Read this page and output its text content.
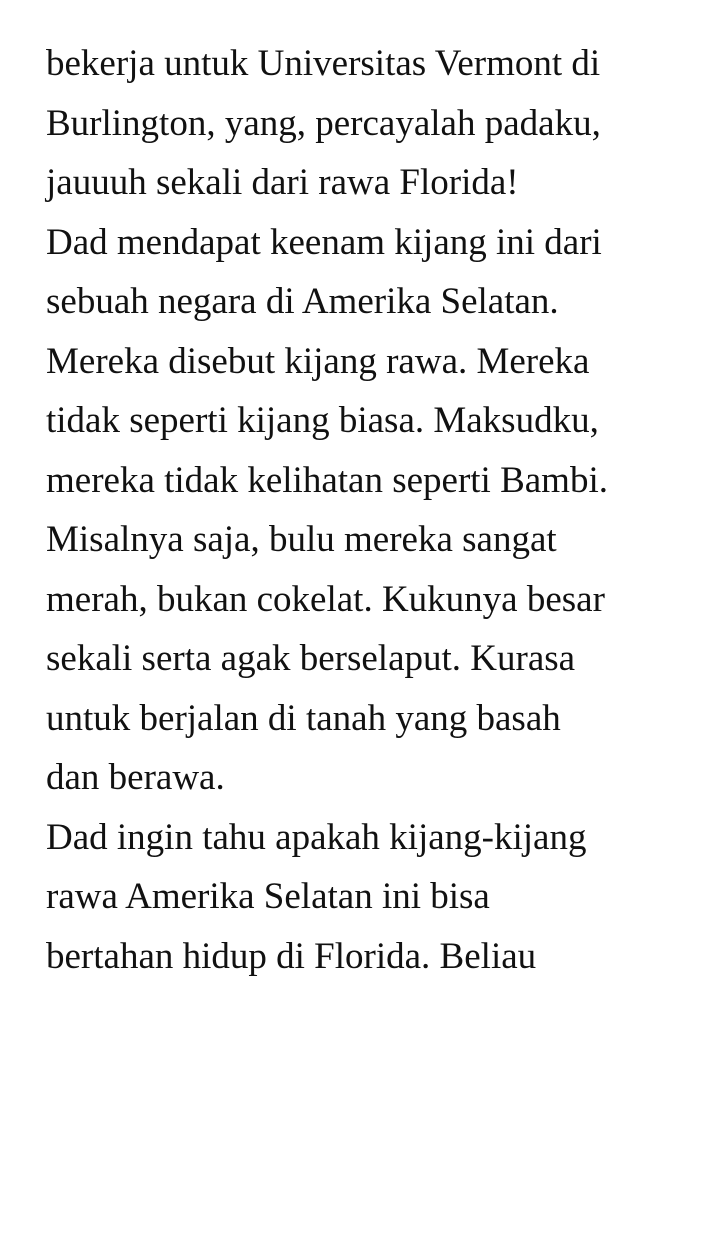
bekerja untuk Universitas Vermont di
Burlington, yang, percayalah padaku,
jauuuh sekali dari rawa Florida!
Dad mendapat keenam kijang ini dari
sebuah negara di Amerika Selatan.
Mereka disebut kijang rawa. Mereka
tidak seperti kijang biasa. Maksudku,
mereka tidak kelihatan seperti Bambi.
Misalnya saja, bulu mereka sangat
merah, bukan cokelat. Kukunya besar
sekali serta agak berselaput. Kurasa
untuk berjalan di tanah yang basah
dan berawa.
Dad ingin tahu apakah kijang-kijang
rawa Amerika Selatan ini bisa
bertahan hidup di Florida. Beliau
